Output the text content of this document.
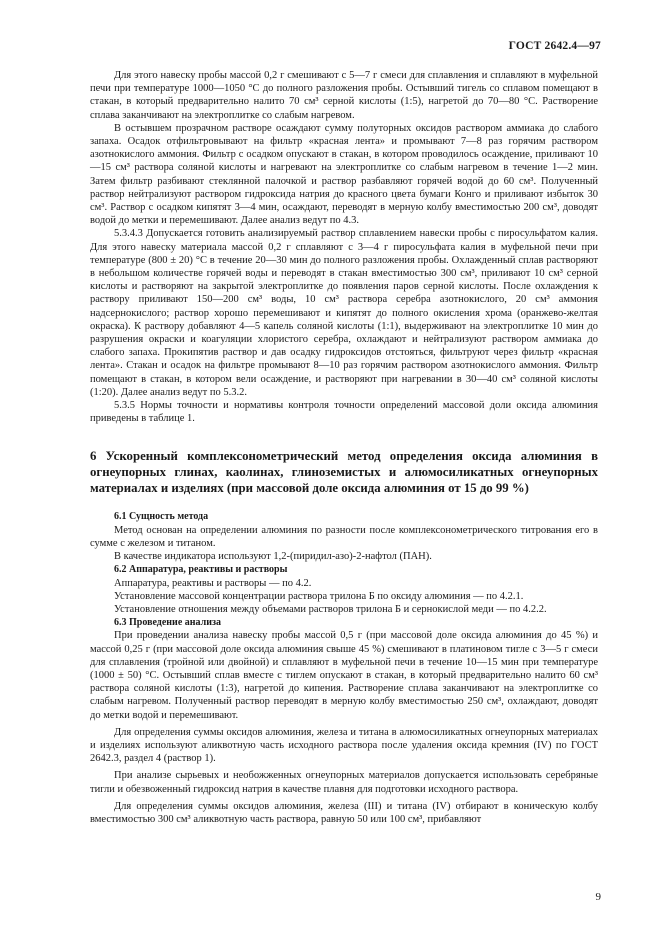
ГОСТ 2642.4—97

Для этого навеску пробы массой 0,2 г смешивают с 5—7 г смеси для сплавления и сплавляют в муфельной печи при температуре 1000—1050 °С до полного разложения пробы. Остывший тигель со сплавом помещают в стакан, в который предварительно налито 70 см³ серной кислоты (1:5), нагретой до 70—80 °С. Растворение сплава заканчивают на электроплитке со слабым нагревом.

В остывшем прозрачном растворе осаждают сумму полуторных оксидов раствором аммиака до слабого запаха. Осадок отфильтровывают на фильтр «красная лента» и промывают 7—8 раз горячим раствором азотнокислого аммония. Фильтр с осадком опускают в стакан, в котором проводилось осаждение, приливают 10—15 см³ раствора соляной кислоты и нагревают на электроплитке со слабым нагревом в течение 1—2 мин. Затем фильтр разбивают стеклянной палочкой и раствор разбавляют горячей водой до 60 см³. Полученный раствор нейтрализуют раствором гидроксида натрия до красного цвета бумаги Конго и приливают избыток 30 см³. Раствор с осадком кипятят 3—4 мин, осаждают, переводят в мерную колбу вместимостью 200 см³, доводят водой до метки и перемешивают. Далее анализ ведут по 4.3.

5.3.4.3 Допускается готовить анализируемый раствор сплавлением навески пробы с пиросульфатом калия. Для этого навеску материала массой 0,2 г сплавляют с 3—4 г пиросульфата калия в муфельной печи при температуре (800 ± 20) °С в течение 20—30 мин до полного разложения пробы. Охлажденный сплав растворяют в небольшом количестве горячей воды и переводят в стакан вместимостью 300 см³, приливают 10 см³ серной кислоты и растворяют на закрытой электроплитке до появления паров серной кислоты. После охлаждения к раствору приливают 150—200 см³ воды, 10 см³ раствора серебра азотнокислого, 20 см³ аммония надсернокислого; раствор хорошо перемешивают и кипятят до полного окисления хрома (оранжево-желтая окраска). К раствору добавляют 4—5 капель соляной кислоты (1:1), выдерживают на электроплитке 10 мин до разрушения окраски и коагуляции хлористого серебра, охлаждают и нейтрализуют раствором аммиака до слабого запаха. Прокипятив раствор и дав осадку гидроксидов отстояться, фильтруют через фильтр «красная лента». Стакан и осадок на фильтре промывают 8—10 раз горячим раствором азотнокислого аммония. Фильтр помещают в стакан, в котором вели осаждение, и растворяют при нагревании в 30—40 см³ соляной кислоты (1:20). Далее анализ ведут по 5.3.2.

5.3.5 Нормы точности и нормативы контроля точности определений массовой доли оксида алюминия приведены в таблице 1.

6 Ускоренный комплексонометрический метод определения оксида алюминия в огнеупорных глинах, каолинах, глиноземистых и алюмосиликатных огнеупорных материалах и изделиях (при массовой доле оксида алюминия от 15 до 99 %)

6.1 Сущность метода

Метод основан на определении алюминия по разности после комплексонометрического титрования его в сумме с железом и титаном.

В качестве индикатора используют 1,2-(пиридил-азо)-2-нафтол (ПАН).

6.2 Аппаратура, реактивы и растворы

Аппаратура, реактивы и растворы — по 4.2.

Установление массовой концентрации раствора трилона Б по оксиду алюминия — по 4.2.1.

Установление отношения между объемами растворов трилона Б и сернокислой меди — по 4.2.2.

6.3 Проведение анализа

При проведении анализа навеску пробы массой 0,5 г (при массовой доле оксида алюминия до 45 %) и массой 0,25 г (при массовой доле оксида алюминия свыше 45 %) смешивают в платиновом тигле с 3—5 г смеси для сплавления (тройной или двойной) и сплавляют в муфельной печи в течение 10—15 мин при температуре (1000 ± 50) °С. Остывший сплав вместе с тиглем опускают в стакан, в который предварительно налито 60 см³ раствора соляной кислоты (1:3), нагретой до кипения. Растворение сплава заканчивают на электроплитке со слабым нагревом. Полученный раствор переводят в мерную колбу вместимостью 250 см³, охлаждают, доводят до метки водой и перемешивают.

Для определения суммы оксидов алюминия, железа и титана в алюмосиликатных огнеупорных материалах и изделиях используют аликвотную часть исходного раствора после удаления оксида кремния (IV) по ГОСТ 2642.3, раздел 4 (раствор 1).

При анализе сырьевых и необожженных огнеупорных материалов допускается использовать серебряные тигли и обезвоженный гидроксид натрия в качестве плавня для подготовки исходного раствора.

Для определения суммы оксидов алюминия, железа (III) и титана (IV) отбирают в коническую колбу вместимостью 300 см³ аликвотную часть раствора, равную 50 или 100 см³, прибавляют

9
